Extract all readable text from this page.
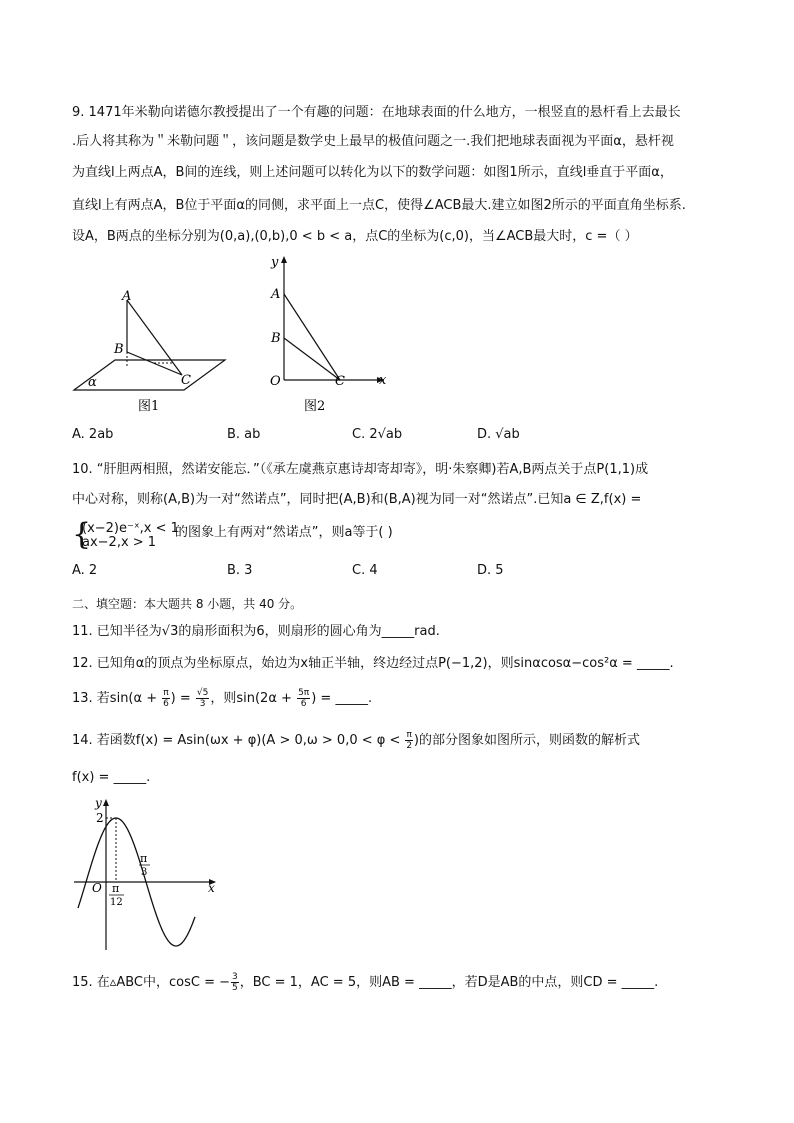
9. 1471年米勒向诺德尔教授提出了一个有趣的问题：在地球表面的什么地方，一根竖直的悬杆看上去最长
.后人将其称为＂米勒问题＂，该问题是数学史上最早的极值问题之一.我们把地球表面视为平面α，悬杆视
为直线l上两点A，B间的连线，则上述问题可以转化为以下的数学问题：如图1所示，直线l垂直于平面α，
直线l上有两点A，B位于平面α的同侧，求平面上一点C，使得∠ACB最大.建立如图2所示的平面直角坐标系.
设A，B两点的坐标分别为(0,a),(0,b),0 < b < a，点C的坐标为(c,0)，当∠ACB最大时，c =（ ）
A
B
C
α
图1
y
A
B
O	C	x
图2
A. 2ab	B. ab	C. 2√ab	D. √ab
10. “肝胆两相照，然诺安能忘．”（《承左虞燕京惠诗却寄却寄》，明·朱察卿)若A,B两点关于点P(1,1)成
中心对称，则称(A,B)为一对“然诺点”，同时把(A,B)和(B,A)视为同一对“然诺点”.已知a ∈ Z,f(x) =
{
(x−2)e⁻ˣ,x < 1
ax−2,x > 1
的图象上有两对“然诺点”，则a等于( )
A. 2	B. 3	C. 4	D. 5
二、填空题：本大题共 8 小题，共 40 分。
11. 已知半径为√3的扇形面积为6，则扇形的圆心角为_____rad.
12. 已知角α的顶点为坐标原点，始边为x轴正半轴，终边经过点P(−1,2)，则sinαcosα−cos²α = _____.
13. 若$\sin(\alpha + \frac{\pi}{6}$ ) = $\frac{√5}{3}$ ，则$\sin(2\alpha + \frac{5\pi}{6}$ ) = _____.
14. 若函数$f(x) = Asin(\omega x + \varphi)(A > 0,\omega > 0,0 < \varphi < \frac{\pi}{2}$ )的部分图象如图所示，则函数的解析式
f(x) = _____.
y
2
O	x
π
3
π
12
15. 在▵ABC中，cosC = − $\frac{3}{5}$ ，BC = 1，AC = 5，则AB = _____，若D是AB的中点，则CD = _____.
